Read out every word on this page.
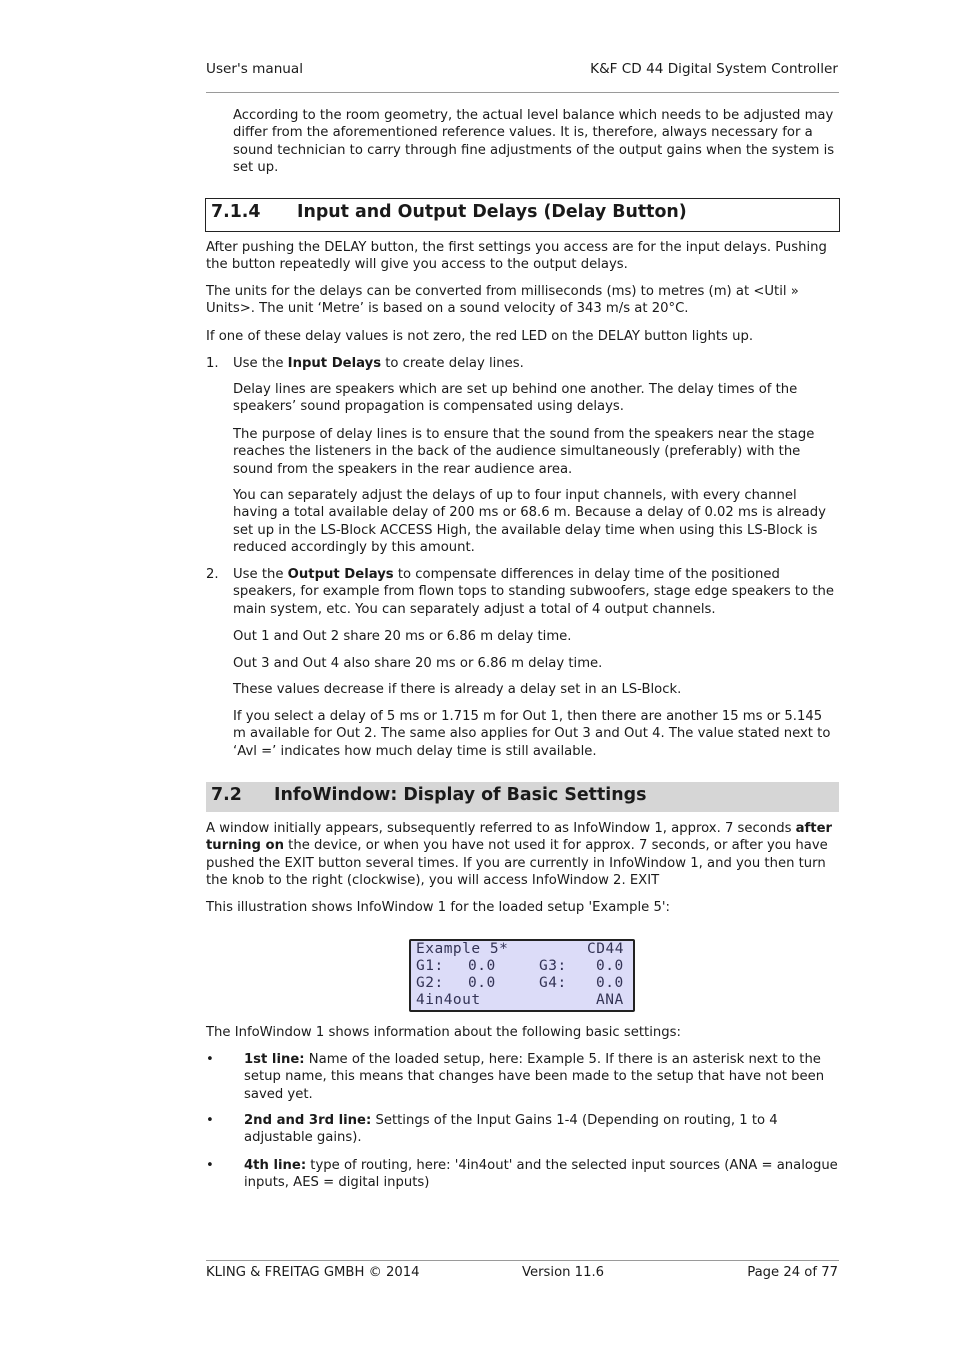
User's manual	K&F CD 44 Digital System Controller

According to the room geometry, the actual level balance which needs to be adjusted may differ from the aforementioned reference values. It is, therefore, always necessary for a sound technician to carry through fine adjustments of the output gains when the system is set up.

7.1.4 Input and Output Delays (Delay Button)

After pushing the DELAY button, the first settings you access are for the input delays. Pushing the button repeatedly will give you access to the output delays.

The units for the delays can be converted from milliseconds (ms) to metres (m) at <Util » Units>. The unit ‘Metre’ is based on a sound velocity of 343 m/s at 20°C.

If one of these delay values is not zero, the red LED on the DELAY button lights up.

1. Use the Input Delays to create delay lines.

Delay lines are speakers which are set up behind one another. The delay times of the speakers’ sound propagation is compensated using delays.

The purpose of delay lines is to ensure that the sound from the speakers near the stage reaches the listeners in the back of the audience simultaneously (preferably) with the sound from the speakers in the rear audience area.

You can separately adjust the delays of up to four input channels, with every channel having a total available delay of 200 ms or 68.6 m. Because a delay of 0.02 ms is already set up in the LS-Block ACCESS High, the available delay time when using this LS-Block is reduced accordingly by this amount.

2. Use the Output Delays to compensate differences in delay time of the positioned speakers, for example from flown tops to standing subwoofers, stage edge speakers to the main system, etc. You can separately adjust a total of 4 output channels.

Out 1 and Out 2 share 20 ms or 6.86 m delay time.

Out 3 and Out 4 also share 20 ms or 6.86 m delay time.

These values decrease if there is already a delay set in an LS-Block.

If you select a delay of 5 ms or 1.715 m for Out 1, then there are another 15 ms or 5.145 m available for Out 2. The same also applies for Out 3 and Out 4. The value stated next to ‘Avl =’ indicates how much delay time is still available.

7.2 InfoWindow: Display of Basic Settings

A window initially appears, subsequently referred to as InfoWindow 1, approx. 7 seconds after turning on the device, or when you have not used it for approx. 7 seconds, or after you have pushed the EXIT button several times. If you are currently in InfoWindow 1, and you then turn the knob to the right (clockwise), you will access InfoWindow 2. EXIT

This illustration shows InfoWindow 1 for the loaded setup 'Example 5':

Example 5*	CD44
G1: 0.0	G3: 0.0
G2: 0.0	G4: 0.0
4in4out	ANA

The InfoWindow 1 shows information about the following basic settings:

• 1st line: Name of the loaded setup, here: Example 5. If there is an asterisk next to the setup name, this means that changes have been made to the setup that have not been saved yet.

• 2nd and 3rd line: Settings of the Input Gains 1-4 (Depending on routing, 1 to 4 adjustable gains).

• 4th line: type of routing, here: '4in4out' and the selected input sources (ANA = analogue inputs, AES = digital inputs)

KLING & FREITAG GMBH © 2014	Version 11.6	Page 24 of 77
